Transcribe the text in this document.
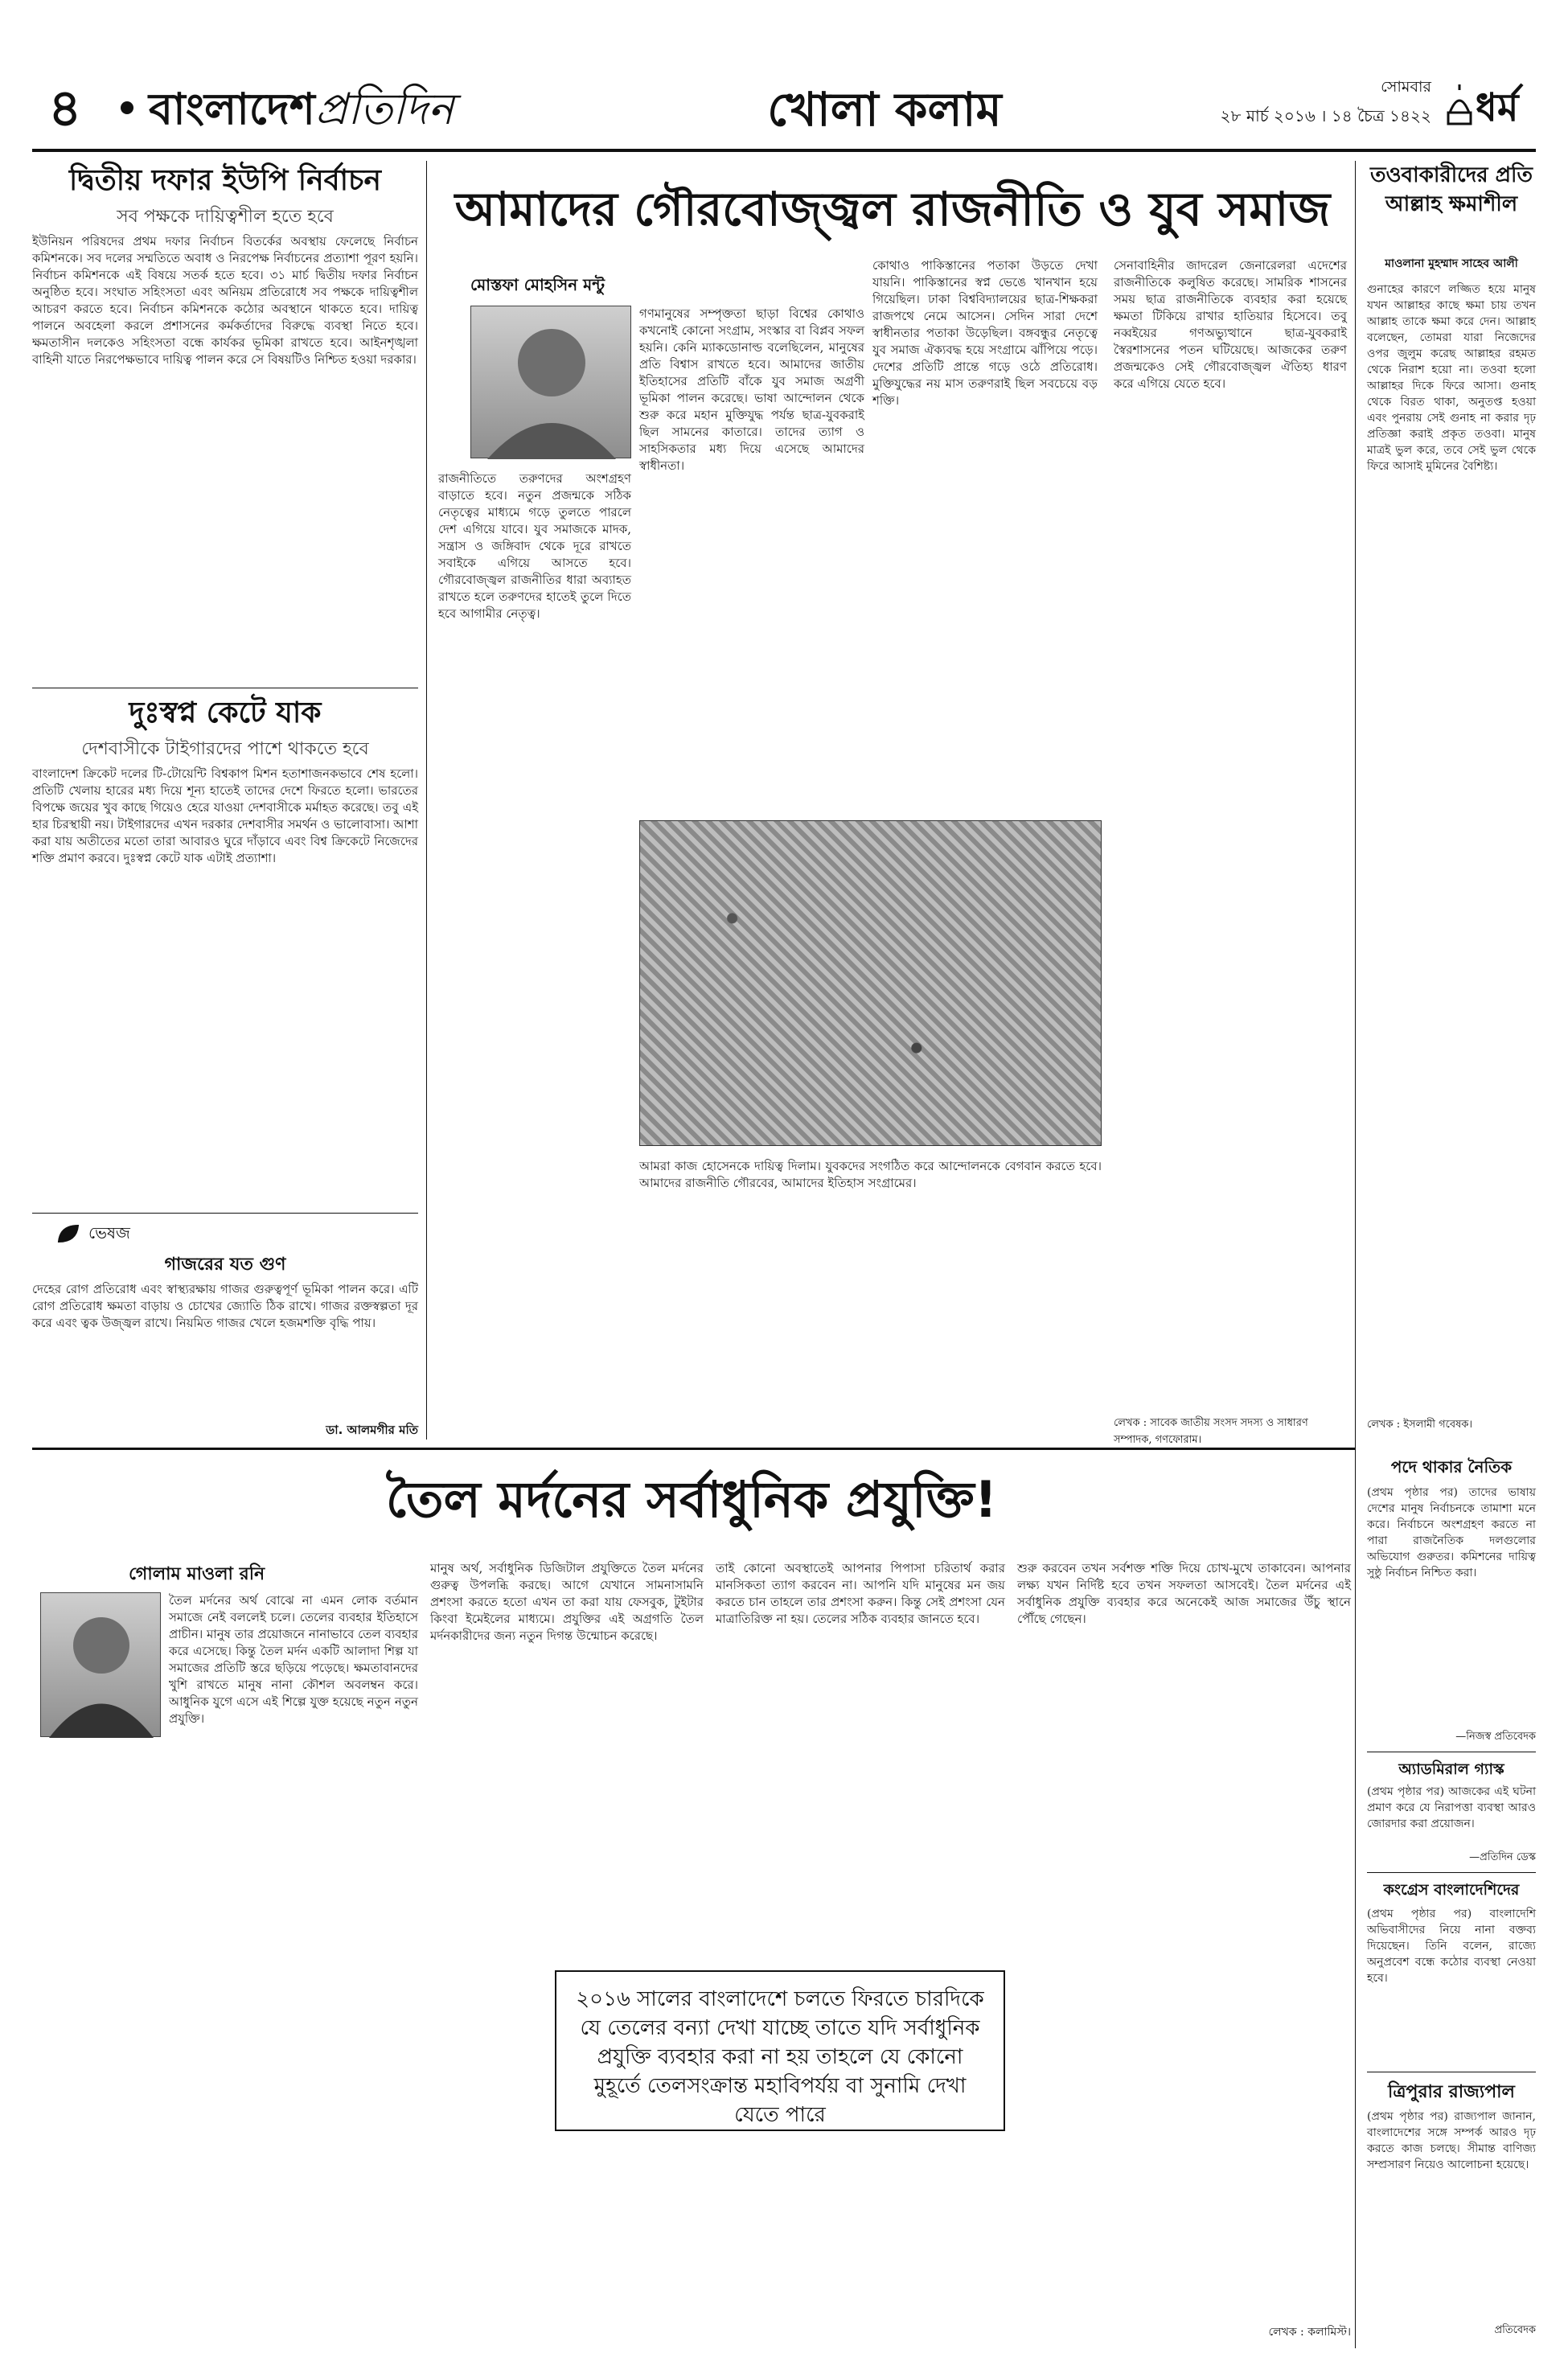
৪	বাংলাদেশপ্রতিদিন	খোলা কলাম	সোমবার
২৮ মার্চ ২০১৬ । ১৪ চৈত্র ১৪২২ ধর্ম
দ্বিতীয় দফার ইউপি নির্বাচন
সব পক্ষকে দায়িত্বশীল হতে হবে
ইউনিয়ন পরিষদের প্রথম দফার নির্বাচন বিতর্কের অবস্থায় ফেলেছে নির্বাচন কমিশনকে। সব দলের সম্মতিতে অবাধ ও নিরপেক্ষ নির্বাচনের প্রত্যাশা পূরণ হয়নি। নির্বাচন কমিশনকে এই বিষয়ে সতর্ক হতে হবে। ৩১ মার্চ দ্বিতীয় দফার নির্বাচন অনুষ্ঠিত হবে। সংঘাত সহিংসতা এবং অনিয়ম প্রতিরোধে সব পক্ষকে দায়িত্বশীল আচরণ করতে হবে। নির্বাচন কমিশনকে কঠোর অবস্থানে থাকতে হবে। দায়িত্ব পালনে অবহেলা করলে প্রশাসনের কর্মকর্তাদের বিরুদ্ধে ব্যবস্থা নিতে হবে। ক্ষমতাসীন দলকেও সহিংসতা বন্ধে কার্যকর ভূমিকা রাখতে হবে। আইনশৃঙ্খলা বাহিনী যাতে নিরপেক্ষভাবে দায়িত্ব পালন করে সে বিষয়টিও নিশ্চিত হওয়া দরকার।
দুঃস্বপ্ন কেটে যাক
দেশবাসীকে টাইগারদের পাশে থাকতে হবে
বাংলাদেশ ক্রিকেট দলের টি-টোয়েন্টি বিশ্বকাপ মিশন হতাশাজনকভাবে শেষ হলো। প্রতিটি খেলায় হারের মধ্য দিয়ে শূন্য হাতেই তাদের দেশে ফিরতে হলো। ভারতের বিপক্ষে জয়ের খুব কাছে গিয়েও হেরে যাওয়া দেশবাসীকে মর্মাহত করেছে। তবু এই হার চিরস্থায়ী নয়। টাইগারদের এখন দরকার দেশবাসীর সমর্থন ও ভালোবাসা। আশা করা যায় অতীতের মতো তারা আবারও ঘুরে দাঁড়াবে এবং বিশ্ব ক্রিকেটে নিজেদের শক্তি প্রমাণ করবে। দুঃস্বপ্ন কেটে যাক এটাই প্রত্যাশা।
ভেষজ
গাজরের যত গুণ
দেহের রোগ প্রতিরোধ এবং স্বাস্থ্যরক্ষায় গাজর গুরুত্বপূর্ণ ভূমিকা পালন করে। এটি রোগ প্রতিরোধ ক্ষমতা বাড়ায় ও চোখের জ্যোতি ঠিক রাখে। গাজর রক্তস্বল্পতা দূর করে এবং ত্বক উজ্জ্বল রাখে। নিয়মিত গাজর খেলে হজমশক্তি বৃদ্ধি পায়।
ডা. আলমগীর মতি
আমাদের গৌরবোজ্জ্বল রাজনীতি ও যুব সমাজ
মোস্তফা মোহসিন মন্টু
গণমানুষের সম্পৃক্ততা ছাড়া বিশ্বের কোথাও কখনোই কোনো সংগ্রাম, সংস্কার বা বিপ্লব সফল হয়নি। কেনি ম্যাকডোনাল্ড বলেছিলেন, মানুষের প্রতি বিশ্বাস রাখতে হবে। আমাদের জাতীয় ইতিহাসের প্রতিটি বাঁকে যুব সমাজ অগ্রণী ভূমিকা পালন করেছে। ভাষা আন্দোলন থেকে শুরু করে মহান মুক্তিযুদ্ধ পর্যন্ত ছাত্র-যুবকরাই ছিল সামনের কাতারে। তাদের ত্যাগ ও সাহসিকতার মধ্য দিয়ে এসেছে আমাদের স্বাধীনতা।
কোথাও পাকিস্তানের পতাকা উড়তে দেখা যায়নি। পাকিস্তানের স্বপ্ন ভেঙে খানখান হয়ে গিয়েছিল। ঢাকা বিশ্ববিদ্যালয়ের ছাত্র-শিক্ষকরা রাজপথে নেমে আসেন। সেদিন সারা দেশে স্বাধীনতার পতাকা উড়েছিল। বঙ্গবন্ধুর নেতৃত্বে যুব সমাজ ঐক্যবদ্ধ হয়ে সংগ্রামে ঝাঁপিয়ে পড়ে। দেশের প্রতিটি প্রান্তে গড়ে ওঠে প্রতিরোধ। মুক্তিযুদ্ধের নয় মাস তরুণরাই ছিল সবচেয়ে বড় শক্তি।
সেনাবাহিনীর জাদরেল জেনারেলরা এদেশের রাজনীতিকে কলুষিত করেছে। সামরিক শাসনের সময় ছাত্র রাজনীতিকে ব্যবহার করা হয়েছে ক্ষমতা টিকিয়ে রাখার হাতিয়ার হিসেবে। তবু নব্বইয়ের গণঅভ্যুত্থানে ছাত্র-যুবকরাই স্বৈরশাসনের পতন ঘটিয়েছে। আজকের তরুণ প্রজন্মকেও সেই গৌরবোজ্জ্বল ঐতিহ্য ধারণ করে এগিয়ে যেতে হবে।
রাজনীতিতে তরুণদের অংশগ্রহণ বাড়াতে হবে। নতুন প্রজন্মকে সঠিক নেতৃত্বের মাধ্যমে গড়ে তুলতে পারলে দেশ এগিয়ে যাবে। যুব সমাজকে মাদক, সন্ত্রাস ও জঙ্গিবাদ থেকে দূরে রাখতে সবাইকে এগিয়ে আসতে হবে। গৌরবোজ্জ্বল রাজনীতির ধারা অব্যাহত রাখতে হলে তরুণদের হাতেই তুলে দিতে হবে আগামীর নেতৃত্ব।
আমরা কাজ হোসেনকে দায়িত্ব দিলাম। যুবকদের সংগঠিত করে আন্দোলনকে বেগবান করতে হবে। আমাদের রাজনীতি গৌরবের, আমাদের ইতিহাস সংগ্রামের।
লেখক : সাবেক জাতীয় সংসদ সদস্য ও সাধারণ সম্পাদক, গণফোরাম।
তওবাকারীদের প্রতি আল্লাহ ক্ষমাশীল
মাওলানা মুহম্মাদ সাহেব আলী
গুনাহের কারণে লজ্জিত হয়ে মানুষ যখন আল্লাহর কাছে ক্ষমা চায় তখন আল্লাহ তাকে ক্ষমা করে দেন। আল্লাহ বলেছেন, তোমরা যারা নিজেদের ওপর জুলুম করেছ আল্লাহর রহমত থেকে নিরাশ হয়ো না। তওবা হলো আল্লাহর দিকে ফিরে আসা। গুনাহ থেকে বিরত থাকা, অনুতপ্ত হওয়া এবং পুনরায় সেই গুনাহ না করার দৃঢ় প্রতিজ্ঞা করাই প্রকৃত তওবা। মানুষ মাত্রই ভুল করে, তবে সেই ভুল থেকে ফিরে আসাই মুমিনের বৈশিষ্ট্য।
লেখক : ইসলামী গবেষক।
তৈল মর্দনের সর্বাধুনিক প্রযুক্তি!
গোলাম মাওলা রনি
তৈল মর্দনের অর্থ বোঝে না এমন লোক বর্তমান সমাজে নেই বললেই চলে। তেলের ব্যবহার ইতিহাসে প্রাচীন। মানুষ তার প্রয়োজনে নানাভাবে তেল ব্যবহার করে এসেছে। কিন্তু তৈল মর্দন একটি আলাদা শিল্প যা সমাজের প্রতিটি স্তরে ছড়িয়ে পড়েছে। ক্ষমতাবানদের খুশি রাখতে মানুষ নানা কৌশল অবলম্বন করে। আধুনিক যুগে এসে এই শিল্পে যুক্ত হয়েছে নতুন নতুন প্রযুক্তি।
মানুষ অর্থ, সর্বাধুনিক ডিজিটাল প্রযুক্তিতে তৈল মর্দনের গুরুত্ব উপলব্ধি করছে। আগে যেখানে সামনাসামনি প্রশংসা করতে হতো এখন তা করা যায় ফেসবুক, টুইটার কিংবা ইমেইলের মাধ্যমে। প্রযুক্তির এই অগ্রগতি তৈল মর্দনকারীদের জন্য নতুন দিগন্ত উন্মোচন করেছে।
তাই কোনো অবস্থাতেই আপনার পিপাসা চরিতার্থ করার মানসিকতা ত্যাগ করবেন না। আপনি যদি মানুষের মন জয় করতে চান তাহলে তার প্রশংসা করুন। কিন্তু সেই প্রশংসা যেন মাত্রাতিরিক্ত না হয়। তেলের সঠিক ব্যবহার জানতে হবে।
২০১৬ সালের বাংলাদেশে চলতে ফিরতে চারদিকে যে তেলের বন্যা দেখা যাচ্ছে তাতে যদি সর্বাধুনিক প্রযুক্তি ব্যবহার করা না হয় তাহলে যে কোনো মুহূর্তে তেলসংক্রান্ত মহাবিপর্যয় বা সুনামি দেখা যেতে পারে
শুরু করবেন তখন সর্বশক্ত শক্তি দিয়ে চোখ-মুখে তাকাবেন। আপনার লক্ষ্য যখন নির্দিষ্ট হবে তখন সফলতা আসবেই। তৈল মর্দনের এই সর্বাধুনিক প্রযুক্তি ব্যবহার করে অনেকেই আজ সমাজের উঁচু স্থানে পৌঁছে গেছেন।
লেখক : কলামিস্ট।
পদে থাকার নৈতিক
(প্রথম পৃষ্ঠার পর) তাদের ভাষায় দেশের মানুষ নির্বাচনকে তামাশা মনে করে। নির্বাচনে অংশগ্রহণ করতে না পারা রাজনৈতিক দলগুলোর অভিযোগ গুরুতর। কমিশনের দায়িত্ব সুষ্ঠু নির্বাচন নিশ্চিত করা।
—নিজস্ব প্রতিবেদক
অ্যাডমিরাল গ্যাস্ক
(প্রথম পৃষ্ঠার পর) আজকের এই ঘটনা প্রমাণ করে যে নিরাপত্তা ব্যবস্থা আরও জোরদার করা প্রয়োজন।
—প্রতিদিন ডেস্ক
কংগ্রেস বাংলাদেশিদের
(প্রথম পৃষ্ঠার পর) বাংলাদেশি অভিবাসীদের নিয়ে নানা বক্তব্য দিয়েছেন। তিনি বলেন, রাজ্যে অনুপ্রবেশ বন্ধে কঠোর ব্যবস্থা নেওয়া হবে।
ত্রিপুরার রাজ্যপাল
(প্রথম পৃষ্ঠার পর) রাজ্যপাল জানান, বাংলাদেশের সঙ্গে সম্পর্ক আরও দৃঢ় করতে কাজ চলছে। সীমান্ত বাণিজ্য সম্প্রসারণ নিয়েও আলোচনা হয়েছে।
প্রতিবেদক
